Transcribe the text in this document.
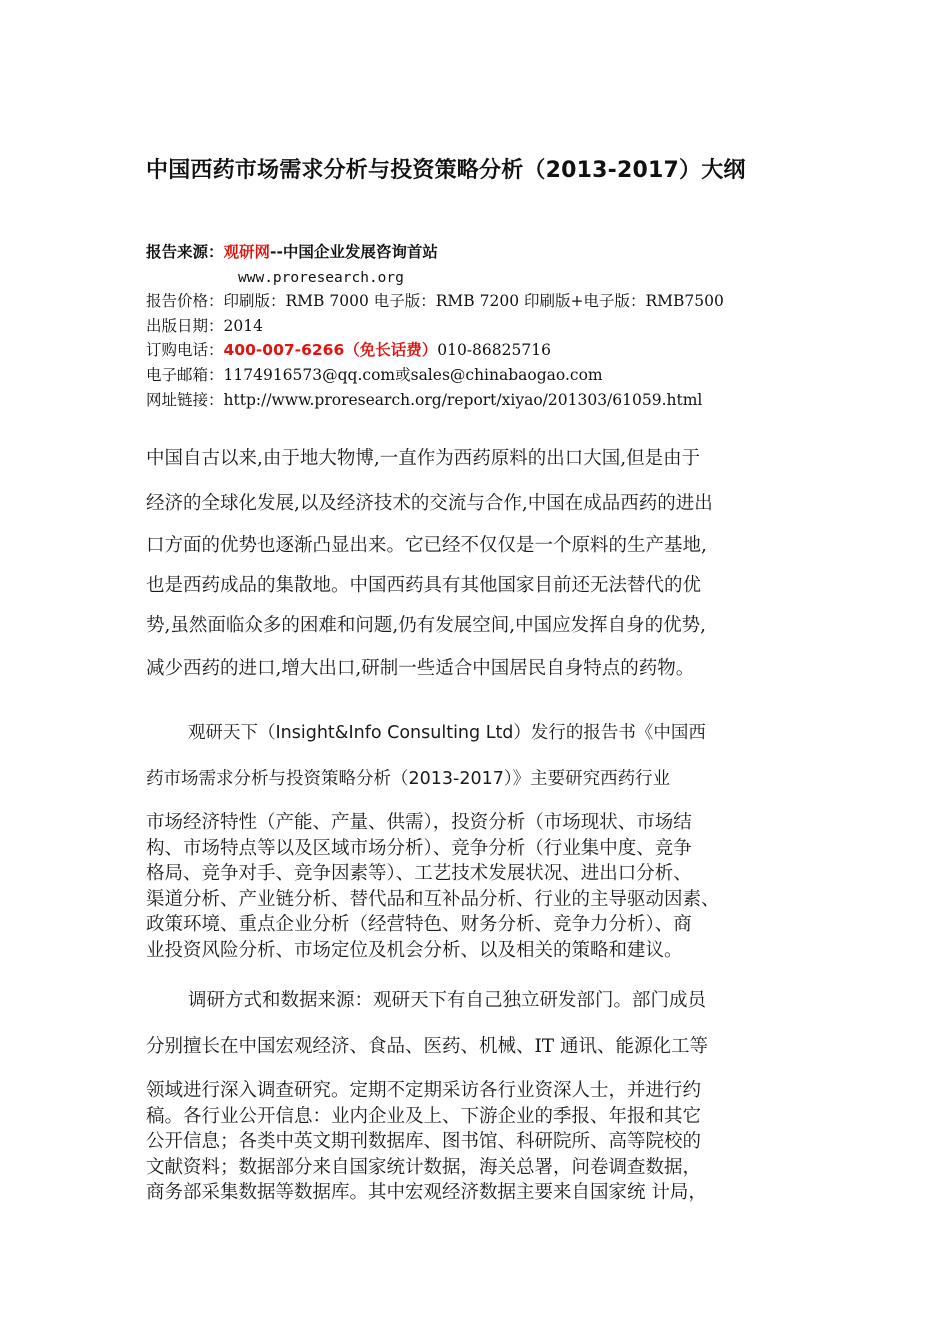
中国西药市场需求分析与投资策略分析（2013-2017）大纲
报告来源：观研网--中国企业发展咨询首站
www.proresearch.org
报告价格：印刷版：RMB 7000 电子版：RMB 7200 印刷版+电子版：RMB7500
出版日期：2014
订购电话：400-007-6266（免长话费）010-86825716
电子邮箱：1174916573@qq.com或sales@chinabaogao.com
网址链接：http://www.proresearch.org/report/xiyao/201303/61059.html
中国自古以来,由于地大物博,一直作为西药原料的出口大国,但是由于
经济的全球化发展,以及经济技术的交流与合作,中国在成品西药的进出
口方面的优势也逐渐凸显出来。它已经不仅仅是一个原料的生产基地,
也是西药成品的集散地。中国西药具有其他国家目前还无法替代的优
势,虽然面临众多的困难和问题,仍有发展空间,中国应发挥自身的优势,
减少西药的进口,增大出口,研制一些适合中国居民自身特点的药物。
观研天下（Insight&Info Consulting Ltd）发行的报告书《中国西
药市场需求分析与投资策略分析（2013-2017）》主要研究西药行业
市场经济特性（产能、产量、供需），投资分析（市场现状、市场结
构、市场特点等以及区域市场分析）、竞争分析（行业集中度、竞争
格局、竞争对手、竞争因素等）、工艺技术发展状况、进出口分析、
渠道分析、产业链分析、替代品和互补品分析、行业的主导驱动因素、
政策环境、重点企业分析（经营特色、财务分析、竞争力分析）、商
业投资风险分析、市场定位及机会分析、以及相关的策略和建议。
调研方式和数据来源：观研天下有自己独立研发部门。部门成员
分别擅长在中国宏观经济、食品、医药、机械、IT 通讯、能源化工等
领域进行深入调查研究。定期不定期采访各行业资深人士，并进行约
稿。各行业公开信息：业内企业及上、下游企业的季报、年报和其它
公开信息；各类中英文期刊数据库、图书馆、科研院所、高等院校的
文献资料；数据部分来自国家统计数据，海关总署，问卷调查数据，
商务部采集数据等数据库。其中宏观经济数据主要来自国家统 计局，
